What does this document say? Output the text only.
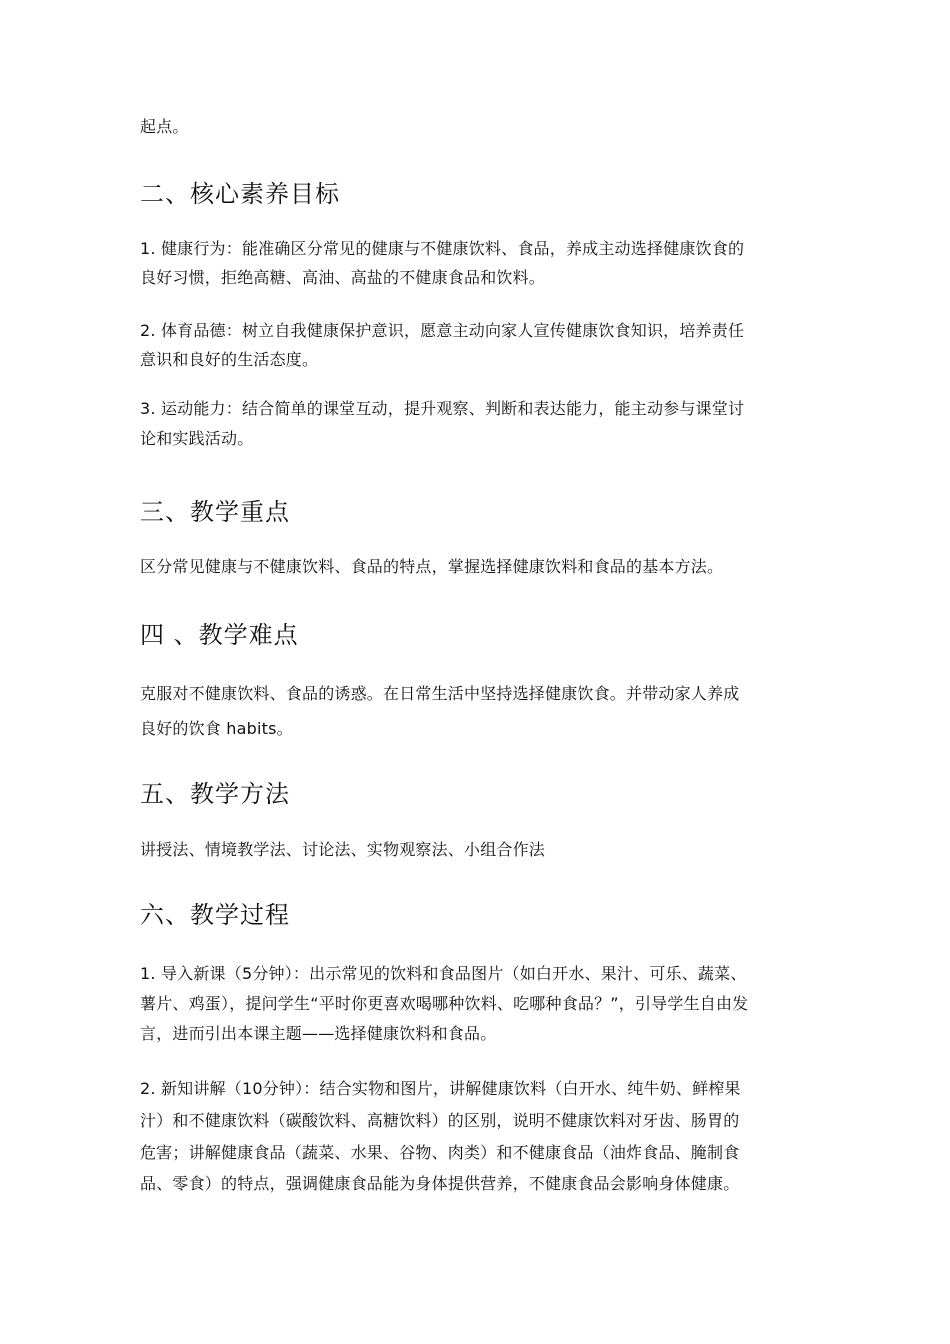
起点。
二、核心素养目标
1. 健康行为：能准确区分常见的健康与不健康饮料、食品，养成主动选择健康饮食的
良好习惯，拒绝高糖、高油、高盐的不健康食品和饮料。
2. 体育品德：树立自我健康保护意识，愿意主动向家人宣传健康饮食知识，培养责任
意识和良好的生活态度。
3. 运动能力：结合简单的课堂互动，提升观察、判断和表达能力，能主动参与课堂讨
论和实践活动。
三、教学重点
区分常见健康与不健康饮料、食品的特点，掌握选择健康饮料和食品的基本方法。
四 、教学难点
克服对不健康饮料、食品的诱惑。在日常生活中坚持选择健康饮食。并带动家人养成
良好的饮食 habits。
五、教学方法
讲授法、情境教学法、讨论法、实物观察法、小组合作法
六、教学过程
1. 导入新课（5分钟）：出示常见的饮料和食品图片（如白开水、果汁、可乐、蔬菜、
薯片、鸡蛋），提问学生“平时你更喜欢喝哪种饮料、吃哪种食品？”，引导学生自由发
言，进而引出本课主题——选择健康饮料和食品。
2. 新知讲解（10分钟）：结合实物和图片，讲解健康饮料（白开水、纯牛奶、鲜榨果
汁）和不健康饮料（碳酸饮料、高糖饮料）的区别，说明不健康饮料对牙齿、肠胃的
危害；讲解健康食品（蔬菜、水果、谷物、肉类）和不健康食品（油炸食品、腌制食
品、零食）的特点，强调健康食品能为身体提供营养，不健康食品会影响身体健康。
